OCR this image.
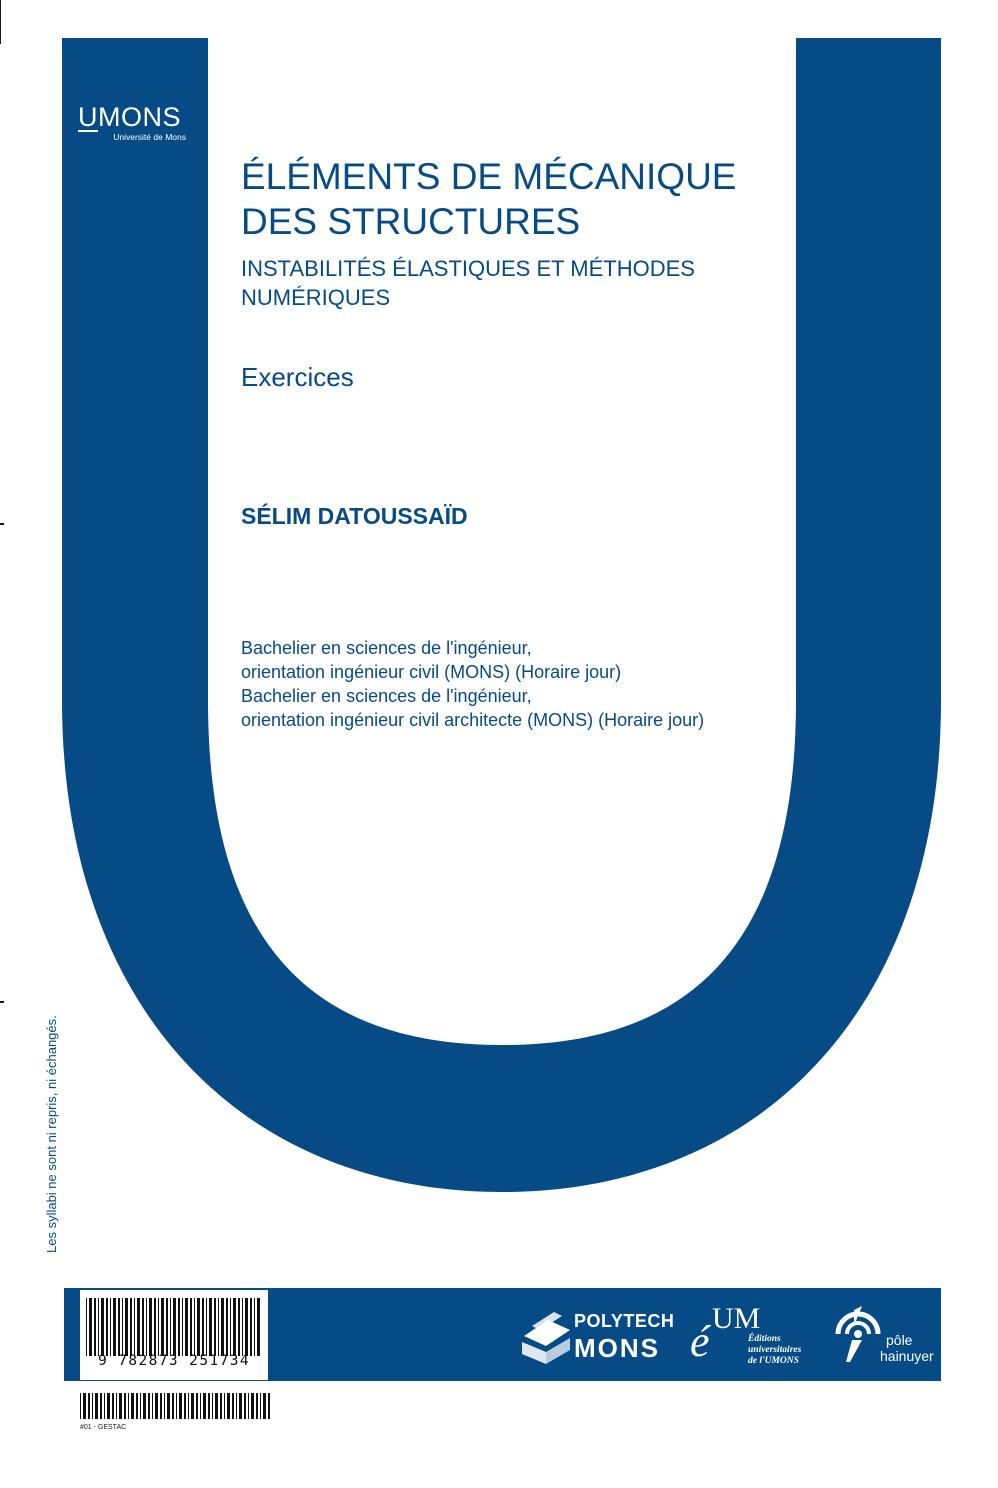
UMONS
Université de Mons
ÉLÉMENTS DE MÉCANIQUE
DES STRUCTURES
INSTABILITÉS ÉLASTIQUES ET MÉTHODES
NUMÉRIQUES
Exercices
SÉLIM DATOUSSAÏD
Bachelier en sciences de l'ingénieur,
orientation ingénieur civil (MONS) (Horaire jour)
Bachelier en sciences de l'ingénieur,
orientation ingénieur civil architecte (MONS) (Horaire jour)
Les syllabi ne sont ni repris, ni échangés.
9 782873 251734
#01 - GESTAC
POLYTECH
MONS é UM
Éditions
universitaires
de l'UMONS
pôle
hainuyer
